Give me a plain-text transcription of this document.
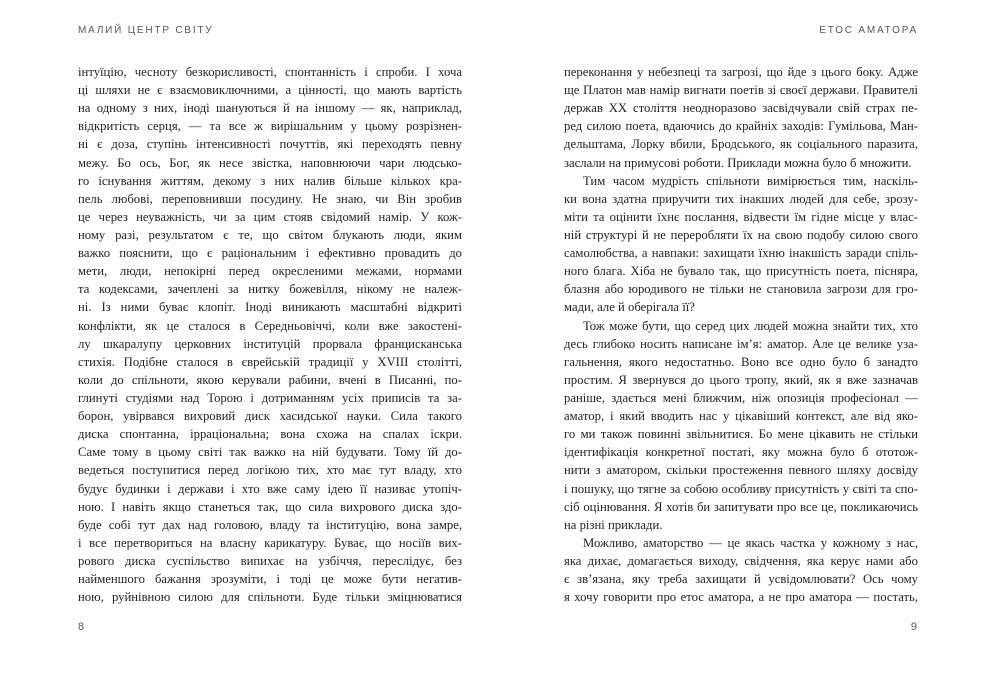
МАЛИЙ ЦЕНТР СВІТУ
інтуїцію, чесноту безкорисливості, спонтанність і спроби. І хоча
ці шляхи не є взаємовиключними, а цінності, що мають вартість
на одному з них, іноді шануються й на іншому — як, наприклад,
відкритість серця, — та все ж вирішальним у цьому розрізнен-
ні є доза, ступінь інтенсивності почуттів, які переходять певну
межу. Бо ось, Бог, як несе звістка, наповнюючи чари людсько-
го існування життям, декому з них налив більше кількох кра-
пель любові, переповнивши посудину. Не знаю, чи Він зробив
це через неуважність, чи за цим стояв свідомий намір. У кож-
ному разі, результатом є те, що світом блукають люди, яким
важко пояснити, що є раціональним і ефективно провадить до
мети, люди, непокірні перед окресленими межами, нормами
та кодексами, зачеплені за нитку божевілля, нікому не належ-
ні. Із ними буває клопіт. Іноді виникають масштабні відкриті
конфлікти, як це сталося в Середньовіччі, коли вже закостені-
лу шкаралупу церковних інституцій прорвала францисканська
стихія. Подібне сталося в єврейській традиції у XVIII столітті,
коли до спільноти, якою керували рабини, вчені в Писанні, по-
глинуті студіями над Торою і дотриманням усіх приписів та за-
борон, увірвався вихровий диск хасидської науки. Сила такого
диска спонтанна, ірраціональна; вона схожа на спалах іскри.
Саме тому в цьому світі так важко на ній будувати. Тому їй до-
ведеться поступитися перед логікою тих, хто має тут владу, хто
будує будинки і держави і хто вже саму ідею її називає утопіч-
ною. І навіть якщо станеться так, що сила вихрового диска здо-
буде собі тут дах над головою, владу та інституцію, вона замре,
і все перетвориться на власну карикатуру. Буває, що носіїв вих-
рового диска суспільство випихає на узбіччя, переслідує, без
найменшого бажання зрозуміти, і тоді це може бути негатив-
ною, руйнівною силою для спільноти. Буде тільки зміцнюватися
8
ЕТОС АМАТОРА
переконання у небезпеці та загрозі, що йде з цього боку. Адже
ще Платон мав намір вигнати поетів зі своєї держави. Правителі
держав XX століття неодноразово засвідчували свій страх пе-
ред силою поета, вдаючись до крайніх заходів: Гумільова, Ман-
дельштама, Лорку вбили, Бродського, як соціального паразита,
заслали на примусові роботи. Приклади можна було б множити.
Тим часом мудрість спільноти вимірюється тим, наскіль-
ки вона здатна приручити тих інакших людей для себе, зрозу-
міти та оцінити їхнє послання, відвести їм гідне місце у влас-
ній структурі й не переробляти їх на свою подобу силою свого
самолюбства, а навпаки: захищати їхню інакшість заради спіль-
ного блага. Хіба не бувало так, що присутність поета, пісняра,
блазня або юродивого не тільки не становила загрози для гро-
мади, але й оберігала її?
Тож може бути, що серед цих людей можна знайти тих, хто
десь глибоко носить написане ім’я: аматор. Але це велике уза-
гальнення, якого недостатньо. Воно все одно було б занадто
простим. Я звернувся до цього тропу, який, як я вже зазначав
раніше, здається мені ближчим, ніж опозиція професіонал —
аматор, і який вводить нас у цікавіший контекст, але від яко-
го ми також повинні звільнитися. Бо мене цікавить не стільки
ідентифікація конкретної постаті, яку можна було б ототож-
нити з аматором, скільки простеження певного шляху досвіду
і пошуку, що тягне за собою особливу присутність у світі та спо-
сіб оцінювання. Я хотів би запитувати про все це, покликаючись
на різні приклади.
Можливо, аматорство — це якась частка у кожному з нас,
яка дихає, домагається виходу, свідчення, яка керує нами або
є зв’язана, яку треба захищати й усвідомлювати? Ось чому
я хочу говорити про етос аматора, а не про аматора — постать,
9
